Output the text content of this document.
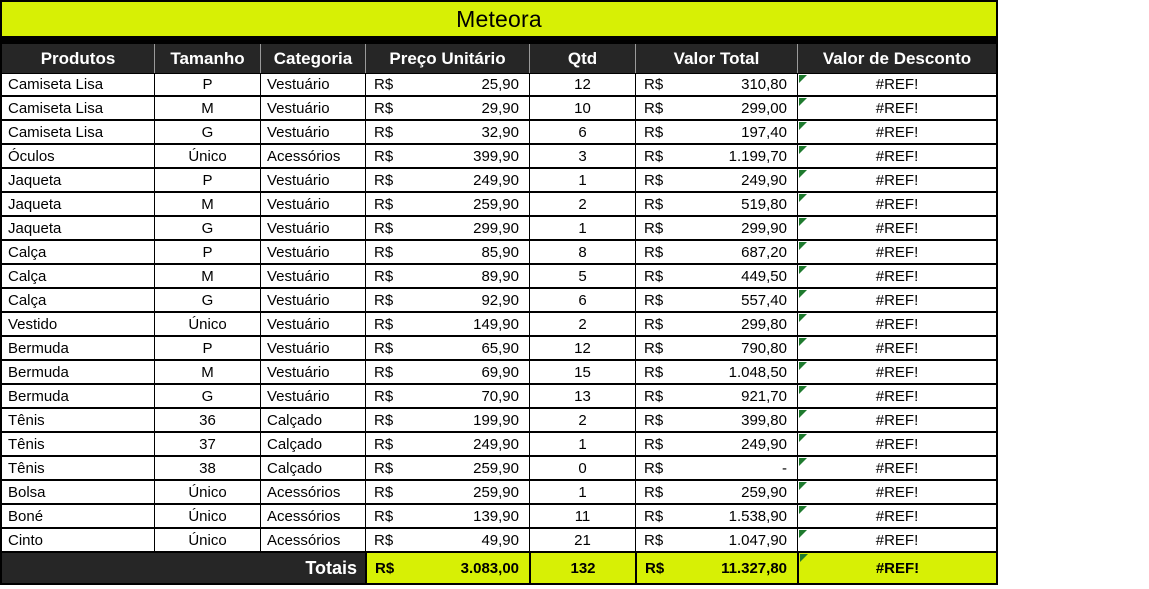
Meteora
Produtos	Tamanho	Categoria	Preço Unitário	Qtd	Valor Total	Valor de Desconto
Camiseta Lisa	P	Vestuário	R$	25,90	12	R$	310,80	#REF!
Camiseta Lisa	M	Vestuário	R$	29,90	10	R$	299,00	#REF!
Camiseta Lisa	G	Vestuário	R$	32,90	6	R$	197,40	#REF!
Óculos	Único	Acessórios	R$	399,90	3	R$	1.199,70	#REF!
Jaqueta	P	Vestuário	R$	249,90	1	R$	249,90	#REF!
Jaqueta	M	Vestuário	R$	259,90	2	R$	519,80	#REF!
Jaqueta	G	Vestuário	R$	299,90	1	R$	299,90	#REF!
Calça	P	Vestuário	R$	85,90	8	R$	687,20	#REF!
Calça	M	Vestuário	R$	89,90	5	R$	449,50	#REF!
Calça	G	Vestuário	R$	92,90	6	R$	557,40	#REF!
Vestido	Único	Vestuário	R$	149,90	2	R$	299,80	#REF!
Bermuda	P	Vestuário	R$	65,90	12	R$	790,80	#REF!
Bermuda	M	Vestuário	R$	69,90	15	R$	1.048,50	#REF!
Bermuda	G	Vestuário	R$	70,90	13	R$	921,70	#REF!
Tênis	36	Calçado	R$	199,90	2	R$	399,80	#REF!
Tênis	37	Calçado	R$	249,90	1	R$	249,90	#REF!
Tênis	38	Calçado	R$	259,90	0	R$	-	#REF!
Bolsa	Único	Acessórios	R$	259,90	1	R$	259,90	#REF!
Boné	Único	Acessórios	R$	139,90	11	R$	1.538,90	#REF!
Cinto	Único	Acessórios	R$	49,90	21	R$	1.047,90	#REF!
Totais R$	3.083,00	132	R$	11.327,80	#REF!
